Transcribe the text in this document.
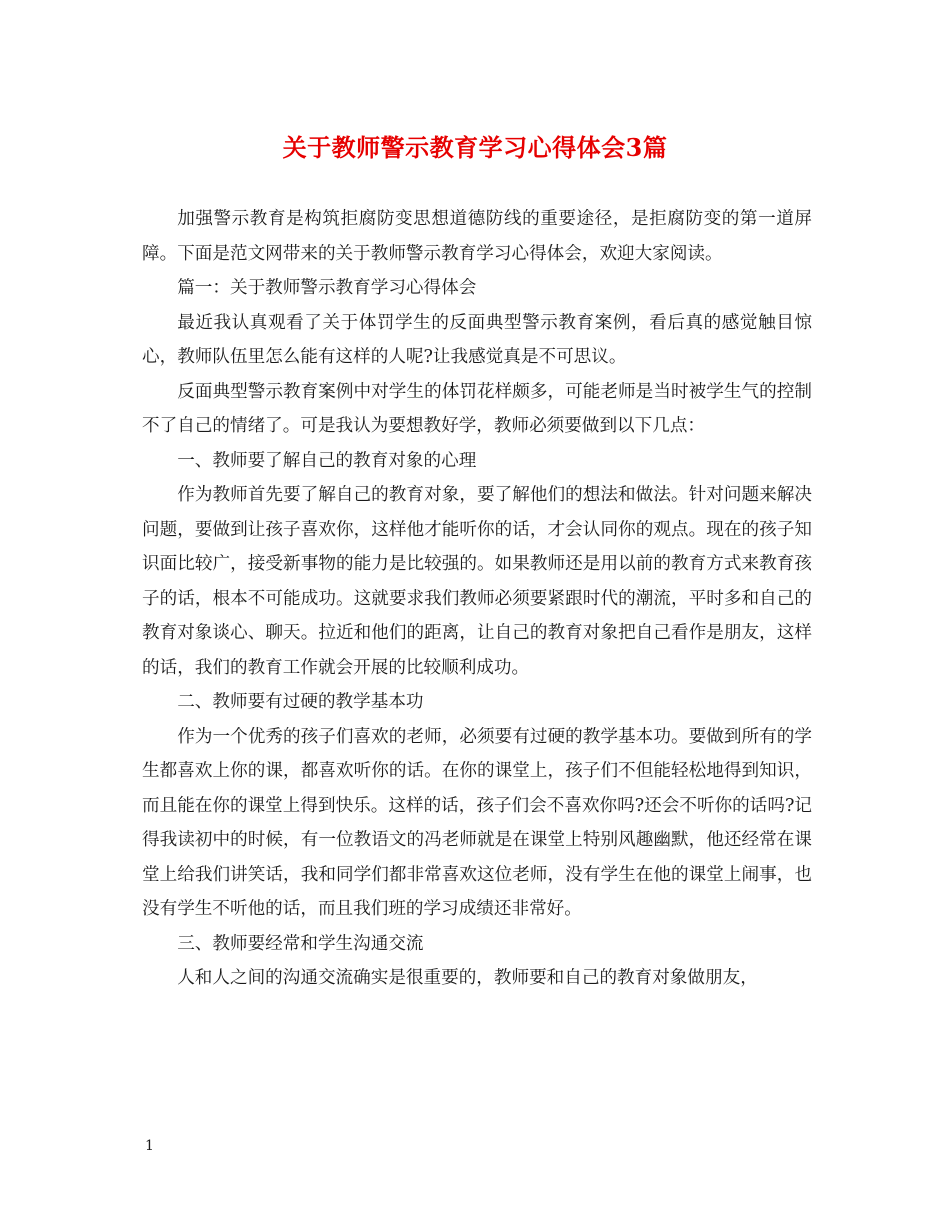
关于教师警示教育学习心得体会3篇

加强警示教育是构筑拒腐防变思想道德防线的重要途径，是拒腐防变的第一道屏障。下面是范文网带来的关于教师警示教育学习心得体会，欢迎大家阅读。

篇一：关于教师警示教育学习心得体会

最近我认真观看了关于体罚学生的反面典型警示教育案例，看后真的感觉触目惊心，教师队伍里怎么能有这样的人呢?让我感觉真是不可思议。

反面典型警示教育案例中对学生的体罚花样颇多，可能老师是当时被学生气的控制不了自己的情绪了。可是我认为要想教好学，教师必须要做到以下几点：

一、教师要了解自己的教育对象的心理

作为教师首先要了解自己的教育对象，要了解他们的想法和做法。针对问题来解决问题，要做到让孩子喜欢你，这样他才能听你的话，才会认同你的观点。现在的孩子知识面比较广，接受新事物的能力是比较强的。如果教师还是用以前的教育方式来教育孩子的话，根本不可能成功。这就要求我们教师必须要紧跟时代的潮流，平时多和自己的教育对象谈心、聊天。拉近和他们的距离，让自己的教育对象把自己看作是朋友，这样的话，我们的教育工作就会开展的比较顺利成功。

二、教师要有过硬的教学基本功

作为一个优秀的孩子们喜欢的老师，必须要有过硬的教学基本功。要做到所有的学生都喜欢上你的课，都喜欢听你的话。在你的课堂上，孩子们不但能轻松地得到知识，而且能在你的课堂上得到快乐。这样的话，孩子们会不喜欢你吗?还会不听你的话吗?记得我读初中的时候，有一位教语文的冯老师就是在课堂上特别风趣幽默，他还经常在课堂上给我们讲笑话，我和同学们都非常喜欢这位老师，没有学生在他的课堂上闹事，也没有学生不听他的话，而且我们班的学习成绩还非常好。

三、教师要经常和学生沟通交流

人和人之间的沟通交流确实是很重要的，教师要和自己的教育对象做朋友，

1
